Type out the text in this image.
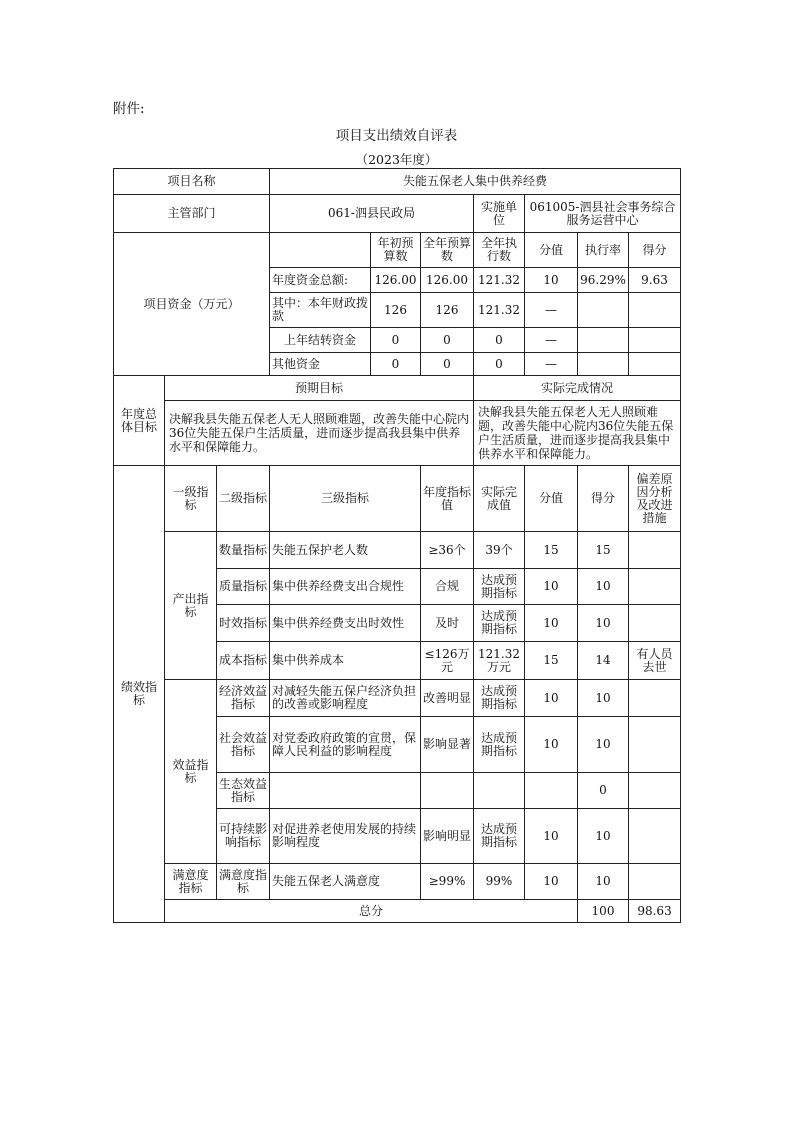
附件:
项目支出绩效自评表
（2023年度）
项目名称			失能五保老人集中供养经费							
主管部门			061-泗县民政局			实施单位	061005-泗县社会事务综合服务运营中心			
项目资金（万元）				年初预算数	全年预算数	全年执行数	分值	执行率	得分	
			年度资金总额:	126.00	126.00	121.32	10	96.29%	9.63	
			其中：本年财政拨款	126	126	121.32	—			
			上年结转资金	0	0	0	—			
			其他资金	0	0	0	—			
年度总体目标	预期目标					实际完成情况				
	决解我县失能五保老人无人照顾难题，改善失能中心院内36位失能五保户生活质量，进而逐步提高我县集中供养水平和保障能力。					决解我县失能五保老人无人照顾难题，改善失能中心院内36位失能五保户生活质量，进而逐步提高我县集中供养水平和保障能力。				
绩效指标	一级指标	二级指标	三级指标		年度指标值	实际完成值	分值	得分	偏差原因分析及改进措施	
	产出指标	数量指标	失能五保护老人数		≥36个	39个	15	15		
		质量指标	集中供养经费支出合规性		合规	达成预期指标	10	10		
		时效指标	集中供养经费支出时效性		及时	达成预期指标	10	10		
		成本指标	集中供养成本		≤126万元	121.32万元	15	14	有人员去世	
	效益指标	经济效益指标	对减轻失能五保户经济负担的改善或影响程度		改善明显	达成预期指标	10	10		
		社会效益指标	对党委政府政策的宣贯，保障人民利益的影响程度		影响显著	达成预期指标	10	10		
		生态效益指标						0		
		可持续影响指标	对促进养老使用发展的持续影响程度		影响明显	达成预期指标	10	10		
	满意度指标	满意度指标	失能五保老人满意度		≥99%	99%	10	10		
	总分							100	98.63	
